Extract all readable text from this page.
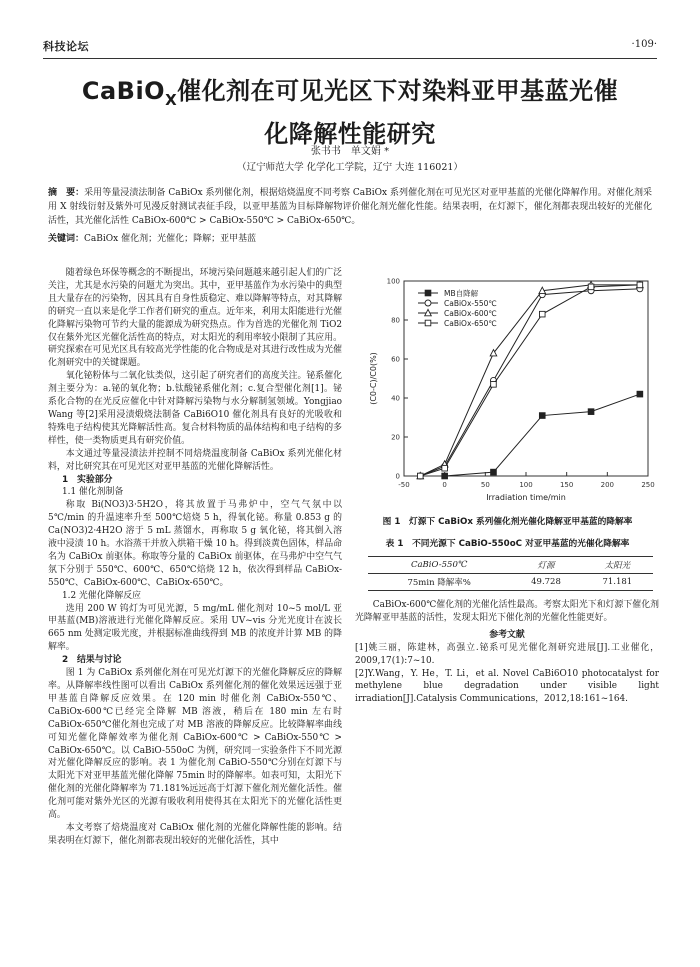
科技论坛	·109·
CaBiO$_X$催化剂在可见光区下对染料亚甲基蓝光催
化降解性能研究
张书书　单文娟 *
（辽宁师范大学 化学化工学院，辽宁 大连 116021）
摘　要：采用等量浸渍法制备 CaBiOx 系列催化剂，根据焙烧温度不同考察 CaBiOx 系列催化剂在可见光区对亚甲基蓝的光催化降解作用。对催化剂采用 X 射线衍射及紫外可见漫反射测试表征手段，以亚甲基蓝为目标降解物评价催化剂光催化性能。结果表明，在灯源下，催化剂都表现出较好的光催化活性，其光催化活性 CaBiOx-600℃ > CaBiOx-550℃ > CaBiOx-650℃。
关键词：CaBiOx 催化剂；光催化；降解；亚甲基蓝

随着绿色环保等概念的不断提出，环境污染问题越来越引起人们的广泛关注，尤其是水污染的问题尤为突出。其中，亚甲基蓝作为水污染中的典型且大量存在的污染物，因其具有自身性质稳定、难以降解等特点，对其降解的研究一直以来是化学工作者们研究的重点。近年来，利用太阳能进行光催化降解污染物可节约大量的能源成为研究热点。作为首选的光催化剂 TiO2 仅在紫外光区光催化活性高的特点，对太阳光的利用率较小限制了其应用。研究探索在可见光区具有较高光学性能的化合物成是对其进行改性成为光催化剂研究中的关键课题。

氧化铋粉体与二氧化钛类似，这引起了研究者们的高度关注。铋系催化剂主要分为：a.铋的氧化物；b.钛酸铋系催化剂；c.复合型催化剂[1]。铋系化合物的在光反应催化中针对降解污染物与水分解制氢领域。Yongjiao Wang 等[2]采用浸渍煅烧法制备 CaBi6O10 催化剂具有良好的光吸收和特殊电子结构使其光降解活性高。复合材料物质的晶体结构和电子结构的多样性，使一类物质更具有研究价值。

本文通过等量浸渍法并控制不同焙烧温度制备 CaBiOx 系列光催化材料，对比研究其在可见光区对亚甲基蓝的光催化降解活性。

1　实验部分

1.1 催化剂制备

称取 Bi(NO3)3·5H2O，将其放置于马弗炉中，空气气氛中以 5℃/min 的升温速率升至 500℃焙烧 5 h，得氧化铋。称量 0.853 g 的 Ca(NO3)2·4H2O 溶于 5 mL 蒸馏水，再称取 5 g 氧化铋，将其倒入溶液中浸渍 10 h。水浴蒸干并放入烘箱干燥 10 h。得到淡黄色固体，样品命名为 CaBiOx 前驱体。称取等分量的 CaBiOx 前驱体，在马弗炉中空气气氛下分别于 550℃、600℃、650℃焙烧 12 h，依次得到样品 CaBiOx-550℃、CaBiOx-600℃、CaBiOx-650℃。

1.2 光催化降解反应

选用 200 W 钨灯为可见光源，5 mg/mL 催化剂对 10~5 mol/L 亚甲基蓝(MB)溶液进行光催化降解反应。采用 UV~vis 分光光度计在波长 665 nm 处测定吸光度，并根据标准曲线得到 MB 的浓度并计算 MB 的降解率。

2　结果与讨论

图 1 为 CaBiOx 系列催化剂在可见光灯源下的光催化降解反应的降解率。从降解率线性图可以看出 CaBiOx 系列催化剂的催化效果远远强于亚甲基蓝自降解反应效果。在 120 min 时催化剂 CaBiOx-550℃、CaBiOx-600℃已经完全降解 MB 溶液，稍后在 180 min 左右时 CaBiOx-650℃催化剂也完成了对 MB 溶液的降解反应。比较降解率曲线可知光催化降解效率为催化剂 CaBiOx-600℃ > CaBiOx-550℃ > CaBiOx-650℃。以 CaBiO-550oC 为例，研究同一实验条件下不同光源对光催化降解反应的影响。表 1 为催化剂 CaBiO-550℃分别在灯源下与太阳光下对亚甲基蓝光催化降解 75min 时的降解率。如表可知，太阳光下催化剂的光催化降解率为 71.181%远远高于灯源下催化剂光催化活性。催化剂可能对紫外光区的光源有吸收利用使得其在太阳光下的光催化活性更高。

本文考察了焙烧温度对 CaBiOx 催化剂的光催化降解性能的影响。结果表明在灯源下，催化剂都表现出较好的光催化活性，其中

-50	0	50	100	150	200	250
0
20
40
60
80
100
Irradiation time/min
(C0-C)/C0(%)
MB自降解
CaBiOx-550℃
CaBiOx-600℃
CaBiOx-650℃
图 1　灯源下 CaBiOx 系列催化剂光催化降解亚甲基蓝的降解率
表 1　不同光源下 CaBiO-550oC 对亚甲基蓝的光催化降解率
CaBiO-550℃	灯源	太阳光
75min 降解率%	49.728	71.181

CaBiOx-600℃催化剂的光催化活性最高。考察太阳光下和灯源下催化剂光降解亚甲基蓝的活性，发现太阳光下催化剂的光催化性能更好。

参考文献

[1]姚三丽，陈建林，高强立.铋系可见光催化剂研究进展[J].工业催化，2009,17(1):7~10.

[2]Y.Wang，Y. He，T. Li，et al. Novel CaBi6O10 photocatalyst for methylene blue degradation under visible light irradiation[J].Catalysis Communications，2012,18:161~164.
